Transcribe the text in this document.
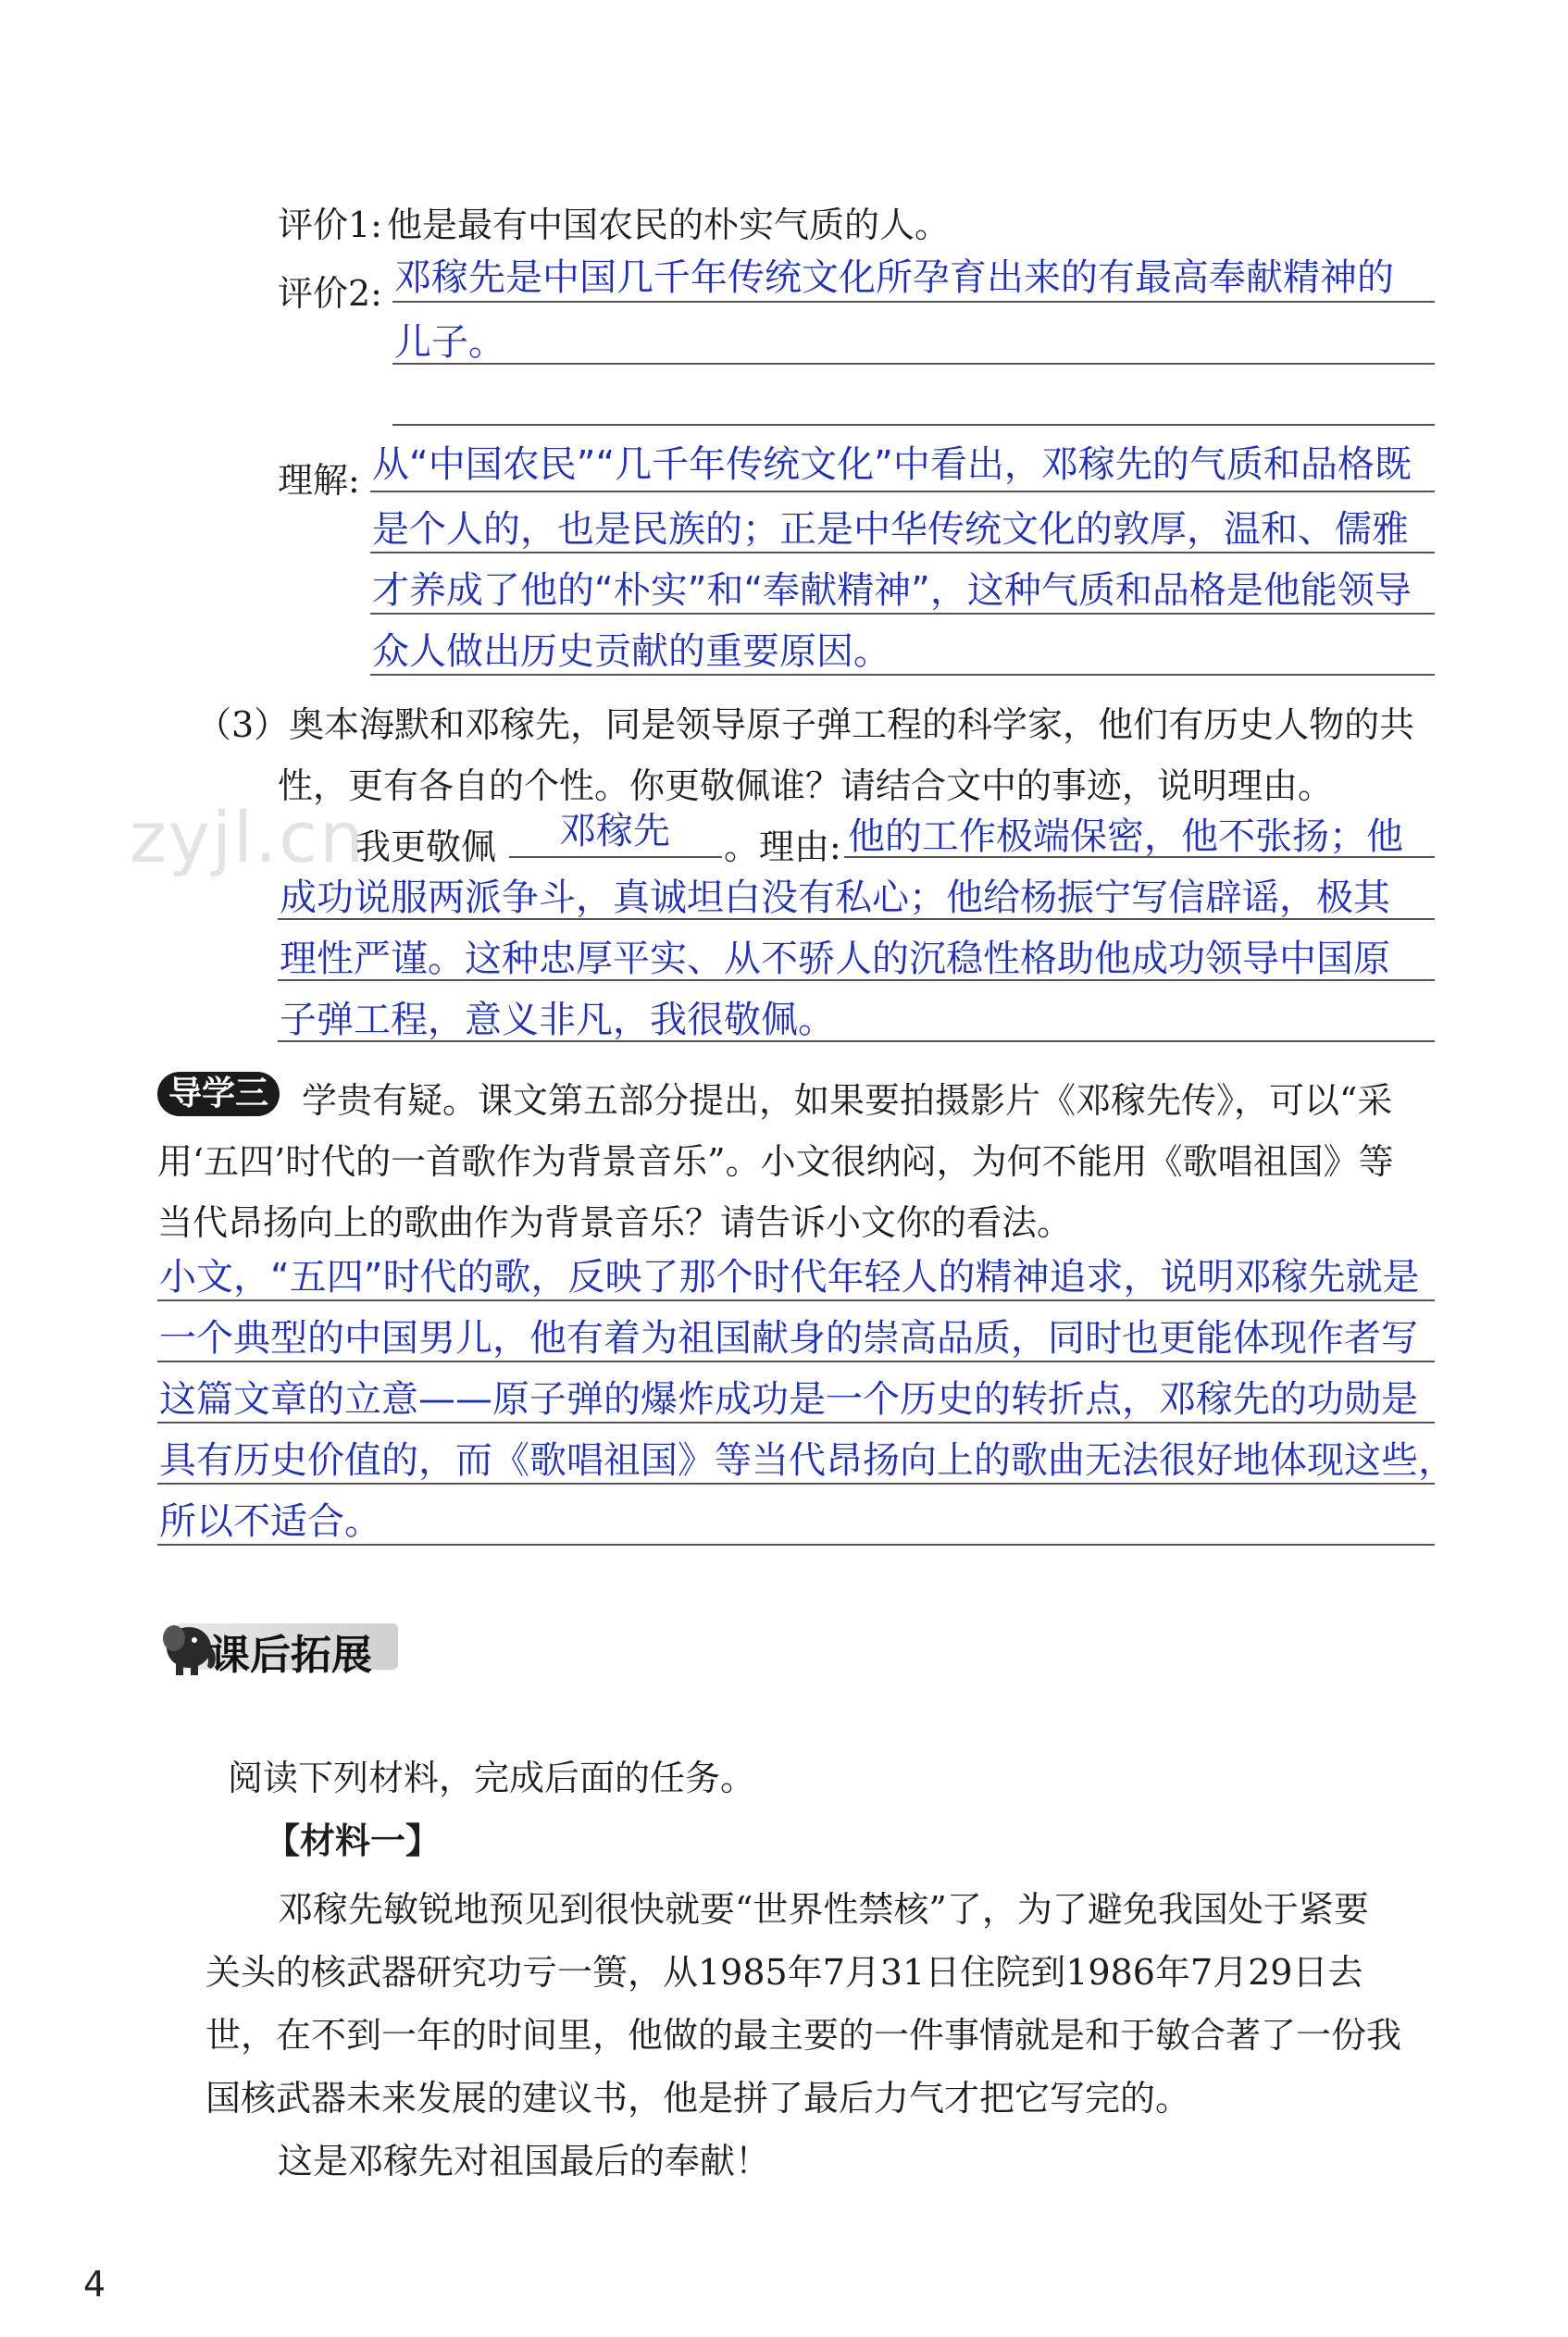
zyjl.cn
评价1: 他是最有中国农民的朴实气质的人。
评价2: 邓稼先是中国几千年传统文化所孕育出来的有最高奉献精神的
儿子。
理解: 从“中国农民”“几千年传统文化”中看出，邓稼先的气质和品格既
是个人的，也是民族的；正是中华传统文化的敦厚，温和、儒雅
才养成了他的“朴实”和“奉献精神”，这种气质和品格是他能领导
众人做出历史贡献的重要原因。
（3）奥本海默和邓稼先，同是领导原子弹工程的科学家，他们有历史人物的共
性，更有各自的个性。你更敬佩谁？请结合文中的事迹，说明理由。
我更敬佩 邓稼先 。理由: 他的工作极端保密，他不张扬；他
成功说服两派争斗，真诚坦白没有私心；他给杨振宁写信辟谣，极其
理性严谨。这种忠厚平实、从不骄人的沉稳性格助他成功领导中国原
子弹工程，意义非凡，我很敬佩。
导学三 学贵有疑。课文第五部分提出，如果要拍摄影片《邓稼先传》，可以“采
用‘五四’时代的一首歌作为背景音乐”。小文很纳闷，为何不能用《歌唱祖国》等
当代昂扬向上的歌曲作为背景音乐？请告诉小文你的看法。
小文，“五四”时代的歌，反映了那个时代年轻人的精神追求，说明邓稼先就是
一个典型的中国男儿，他有着为祖国献身的崇高品质，同时也更能体现作者写
这篇文章的立意——原子弹的爆炸成功是一个历史的转折点，邓稼先的功勋是
具有历史价值的，而《歌唱祖国》等当代昂扬向上的歌曲无法很好地体现这些，
所以不适合。
课后拓展
阅读下列材料，完成后面的任务。
【材料一】
邓稼先敏锐地预见到很快就要“世界性禁核”了，为了避免我国处于紧要
关头的核武器研究功亏一篑，从1985年7月31日住院到1986年7月29日去
世，在不到一年的时间里，他做的最主要的一件事情就是和于敏合著了一份我
国核武器未来发展的建议书，他是拼了最后力气才把它写完的。
这是邓稼先对祖国最后的奉献！
4
